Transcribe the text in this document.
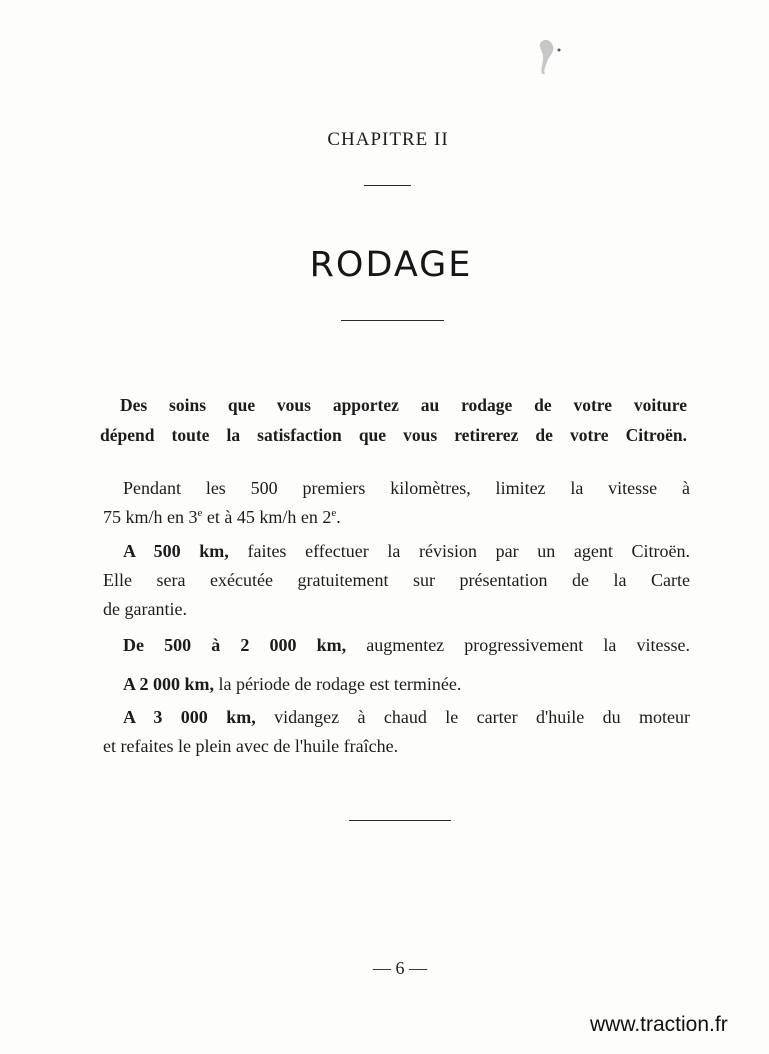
CHAPITRE II
RODAGE
Des soins que vous apportez au rodage de votre voiture
dépend toute la satisfaction que vous retirerez de votre Citroën.
Pendant les 500 premiers kilomètres, limitez la vitesse à
75 km/h en 3e et à 45 km/h en 2e.
A 500 km, faites effectuer la révision par un agent Citroën.
Elle sera exécutée gratuitement sur présentation de la Carte
de garantie.
De 500 à 2 000 km, augmentez progressivement la vitesse.
A 2 000 km, la période de rodage est terminée.
A 3 000 km, vidangez à chaud le carter d'huile du moteur
et refaites le plein avec de l'huile fraîche.
— 6 —
www.traction.fr
